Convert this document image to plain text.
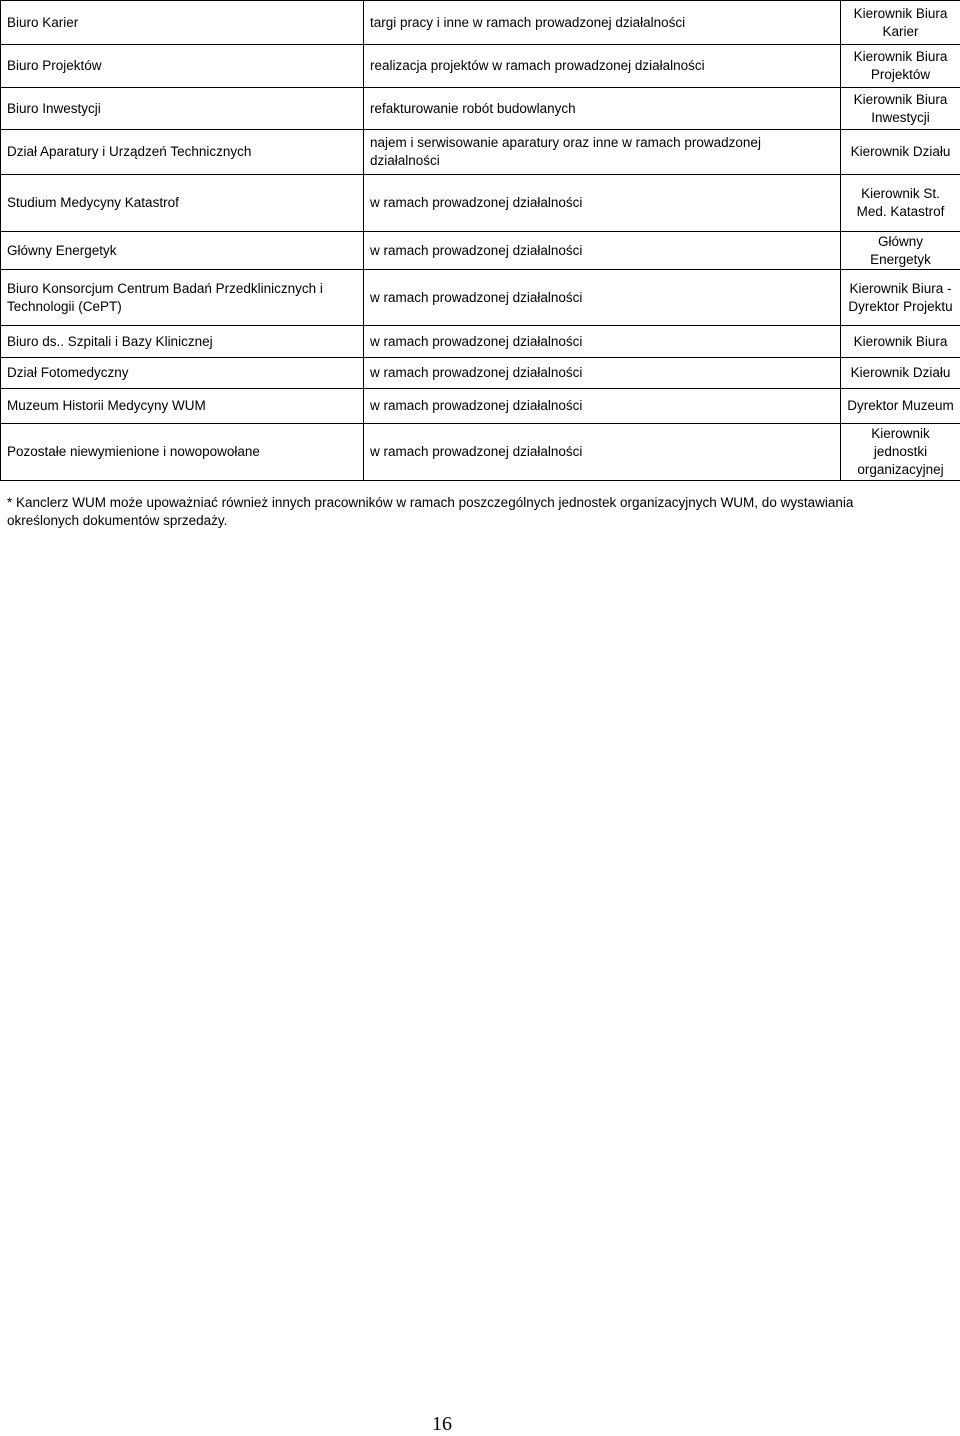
Biuro Karier	targi pracy i inne w ramach prowadzonej działalności	Kierownik Biura Karier
Biuro Projektów	realizacja projektów w ramach prowadzonej działalności	Kierownik Biura Projektów
Biuro Inwestycji	refakturowanie robót budowlanych	Kierownik Biura Inwestycji
Dział Aparatury i Urządzeń Technicznych	najem i serwisowanie aparatury oraz inne w ramach prowadzonej działalności	Kierownik Działu
Studium Medycyny Katastrof	w ramach prowadzonej działalności	Kierownik St. Med. Katastrof
Główny Energetyk	w ramach prowadzonej działalności	Główny Energetyk
Biuro Konsorcjum Centrum Badań Przedklinicznych i Technologii (CePT)	w ramach prowadzonej działalności	Kierownik Biura - Dyrektor Projektu
Biuro ds.. Szpitali i Bazy Klinicznej	w ramach prowadzonej działalności	Kierownik Biura
Dział Fotomedyczny	w ramach prowadzonej działalności	Kierownik Działu
Muzeum Historii Medycyny WUM	w ramach prowadzonej działalności	Dyrektor Muzeum
Pozostałe niewymienione i nowopowołane	w ramach prowadzonej działalności	Kierownik jednostki organizacyjnej
* Kanclerz WUM może upoważniać również innych pracowników w ramach poszczególnych jednostek organizacyjnych WUM, do wystawiania określonych dokumentów sprzedaży.
16
